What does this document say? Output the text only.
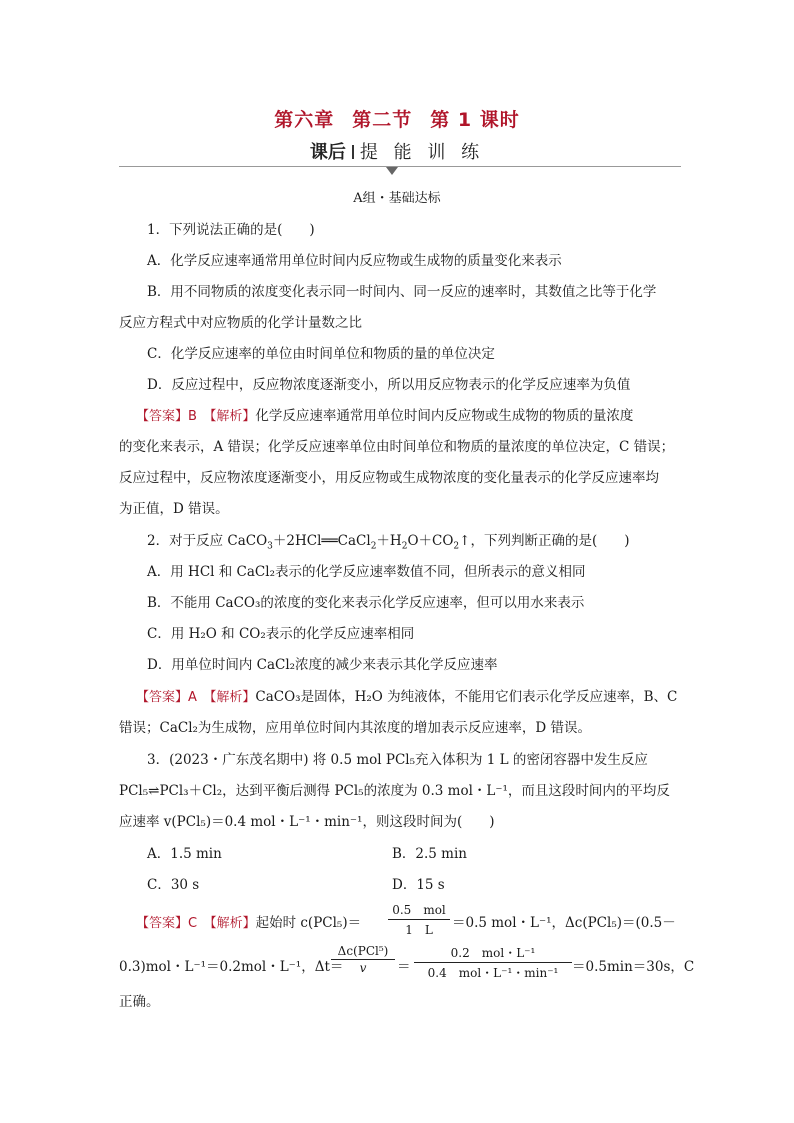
第六章 第二节 第 1 课时
课后 提 能 训 练
A组・基础达标
1．下列说法正确的是(　　)
A．化学反应速率通常用单位时间内反应物或生成物的质量变化来表示
B．用不同物质的浓度变化表示同一时间内、同一反应的速率时，其数值之比等于化学
反应方程式中对应物质的化学计量数之比
C．化学反应速率的单位由时间单位和物质的量的单位决定
D．反应过程中，反应物浓度逐渐变小，所以用反应物表示的化学反应速率为负值
【答案】B　【解析】化学反应速率通常用单位时间内反应物或生成物的物质的量浓度
的变化来表示，A 错误；化学反应速率单位由时间单位和物质的量浓度的单位决定，C 错误；
反应过程中，反应物浓度逐渐变小，用反应物或生成物浓度的变化量表示的化学反应速率均
为正值，D 错误。
2．对于反应 $CaCO_3+2HCl══CaCl_2+H_2O+CO_2↑$，下列判断正确的是(　　)
A．用 HCl 和 CaCl₂表示的化学反应速率数值不同，但所表示的意义相同
B．不能用 CaCO₃的浓度的变化来表示化学反应速率，但可以用水来表示
C．用 H₂O 和 CO₂表示的化学反应速率相同
D．用单位时间内 CaCl₂浓度的减少来表示其化学反应速率
【答案】A　【解析】CaCO₃是固体，H₂O 为纯液体，不能用它们表示化学反应速率，B、C
错误；CaCl₂为生成物，应用单位时间内其浓度的增加表示反应速率，D 错误。
3．(2023・广东茂名期中) 将 0.5 mol PCl₅充入体积为 1 L 的密闭容器中发生反应
PCl₅⇌PCl₃＋Cl₂，达到平衡后测得 PCl₅的浓度为 0.3 mol・L⁻¹，而且这段时间内的平均反
应速率 v(PCl₅)＝0.4 mol・L⁻¹・min⁻¹，则这段时间为(　　)
A．1.5 min	B．2.5 min
C．30 s	D．15 s
【答案】C　【解析】起始时 c(PCl₅)＝
0.5　mol
1　L	＝0.5 mol・L⁻¹，Δc(PCl₅)＝(0.5－
0.3)mol・L⁻¹＝0.2mol・L⁻¹，Δt＝
Δc(PCl⁵)
v	＝
0.2　mol・L⁻¹
0.4　mol・L⁻¹・min⁻¹	＝0.5min＝30s，C
正确。
